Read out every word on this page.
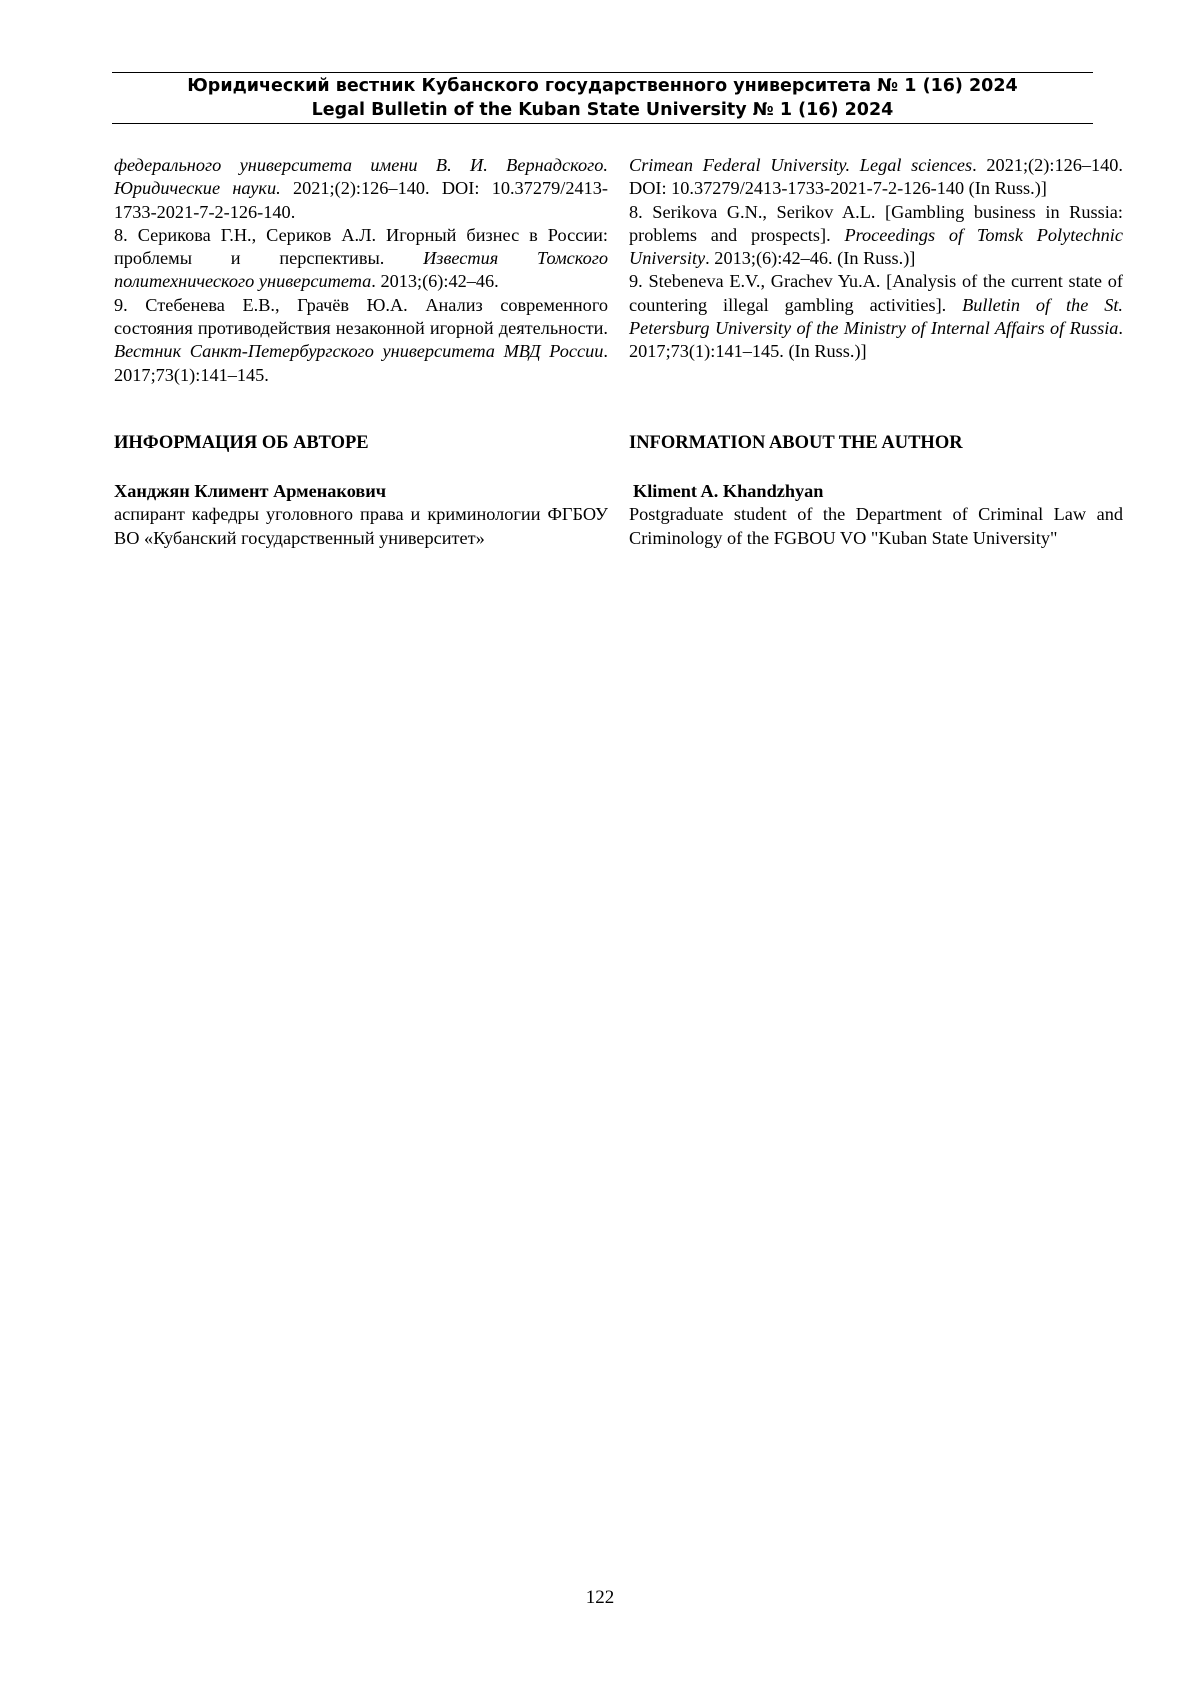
Юридический вестник Кубанского государственного университета № 1 (16) 2024
Legal Bulletin of the Kuban State University № 1 (16) 2024

федерального университета имени В. И. Вернадского. Юридические науки. 2021;(2):126–140. DOI: 10.37279/2413-1733-2021-7-2-126-140.

8. Серикова Г.Н., Сериков А.Л. Игорный бизнес в России: проблемы и перспективы. Известия Томского политехнического университета. 2013;(6):42–46.

9. Стебенева Е.В., Грачёв Ю.А. Анализ современного состояния противодействия незаконной игорной деятельности. Вестник Санкт-Петербургского университета МВД России. 2017;73(1):141–145.

Crimean Federal University. Legal sciences. 2021;(2):126–140. DOI: 10.37279/2413-1733-2021-7-2-126-140 (In Russ.)]

8. Serikova G.N., Serikov A.L. [Gambling business in Russia: problems and prospects]. Proceedings of Tomsk Polytechnic University. 2013;(6):42–46. (In Russ.)]

9. Stebeneva E.V., Grachev Yu.A. [Analysis of the current state of countering illegal gambling activities]. Bulletin of the St. Petersburg University of the Ministry of Internal Affairs of Russia. 2017;73(1):141–145. (In Russ.)]

ИНФОРМАЦИЯ ОБ АВТОРЕ	INFORMATION ABOUT THE AUTHOR

Ханджян Климент Арменакович

аспирант кафедры уголовного права и криминологии ФГБОУ ВО «Кубанский государственный университет»

Kliment A. Khandzhyan

Postgraduate student of the Department of Criminal Law and Criminology of the FGBOU VO "Kuban State University"

122
